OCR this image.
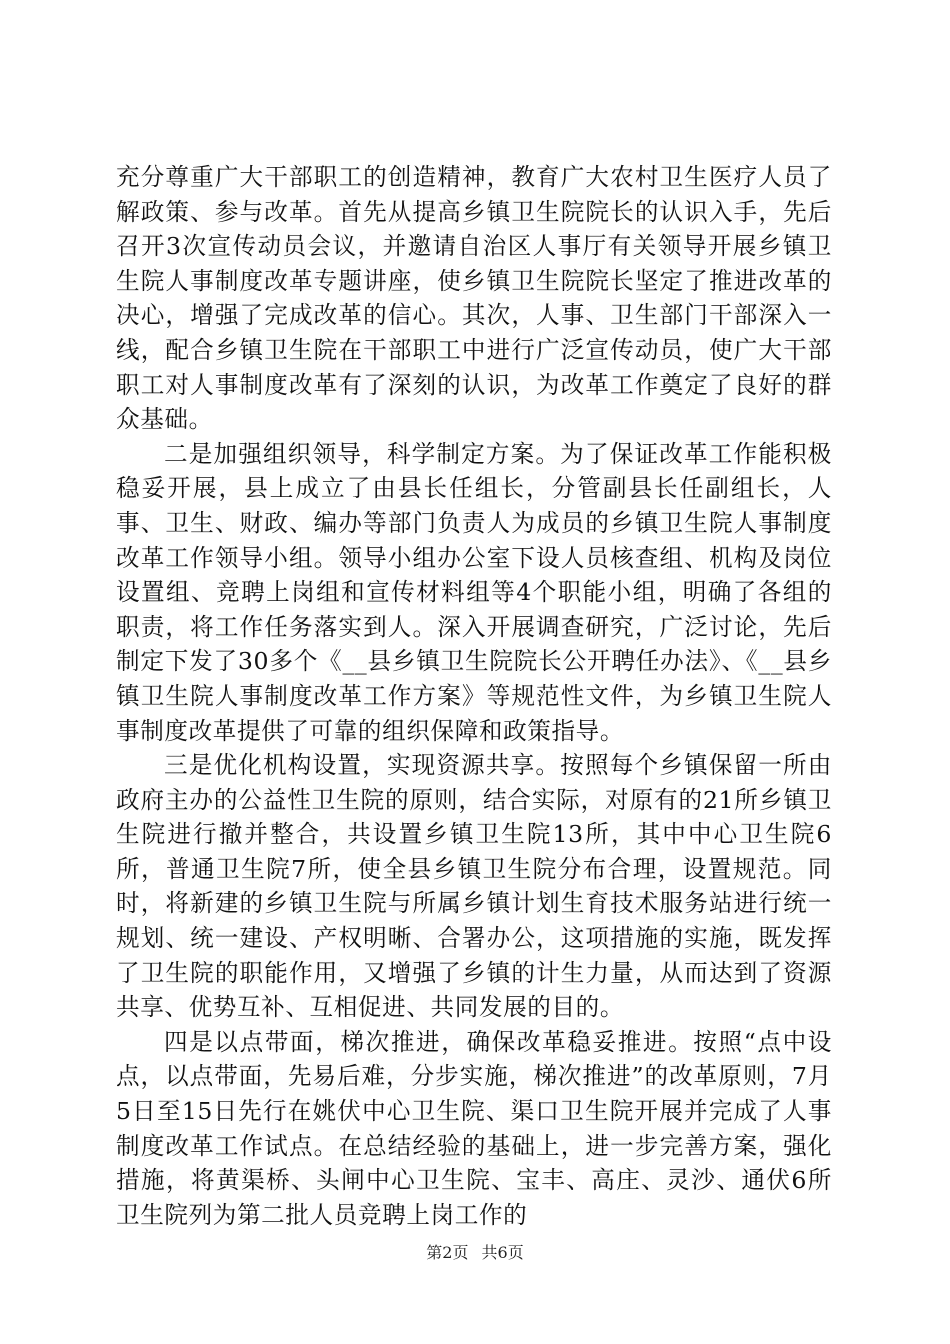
充分尊重广大干部职工的创造精神，教育广大农村卫生医疗人员了解政策、参与改革。首先从提高乡镇卫生院院长的认识入手，先后召开3次宣传动员会议，并邀请自治区人事厅有关领导开展乡镇卫生院人事制度改革专题讲座，使乡镇卫生院院长坚定了推进改革的决心，增强了完成改革的信心。其次，人事、卫生部门干部深入一线，配合乡镇卫生院在干部职工中进行广泛宣传动员，使广大干部职工对人事制度改革有了深刻的认识，为改革工作奠定了良好的群众基础。

二是加强组织领导，科学制定方案。为了保证改革工作能积极稳妥开展，县上成立了由县长任组长，分管副县长任副组长，人事、卫生、财政、编办等部门负责人为成员的乡镇卫生院人事制度改革工作领导小组。领导小组办公室下设人员核查组、机构及岗位设置组、竞聘上岗组和宣传材料组等4个职能小组，明确了各组的职责，将工作任务落实到人。深入开展调查研究，广泛讨论，先后制定下发了30多个《__县乡镇卫生院院长公开聘任办法》、《__县乡镇卫生院人事制度改革工作方案》等规范性文件，为乡镇卫生院人事制度改革提供了可靠的组织保障和政策指导。

三是优化机构设置，实现资源共享。按照每个乡镇保留一所由政府主办的公益性卫生院的原则，结合实际，对原有的21所乡镇卫生院进行撤并整合，共设置乡镇卫生院13所，其中中心卫生院6所，普通卫生院7所，使全县乡镇卫生院分布合理，设置规范。同时，将新建的乡镇卫生院与所属乡镇计划生育技术服务站进行统一规划、统一建设、产权明晰、合署办公，这项措施的实施，既发挥了卫生院的职能作用，又增强了乡镇的计生力量，从而达到了资源共享、优势互补、互相促进、共同发展的目的。

四是以点带面，梯次推进，确保改革稳妥推进。按照“点中设点，以点带面，先易后难，分步实施，梯次推进”的改革原则，7月5日至15日先行在姚伏中心卫生院、渠口卫生院开展并完成了人事制度改革工作试点。在总结经验的基础上，进一步完善方案，强化措施，将黄渠桥、头闸中心卫生院、宝丰、高庄、灵沙、通伏6所卫生院列为第二批人员竞聘上岗工作的

第2页 共6页
